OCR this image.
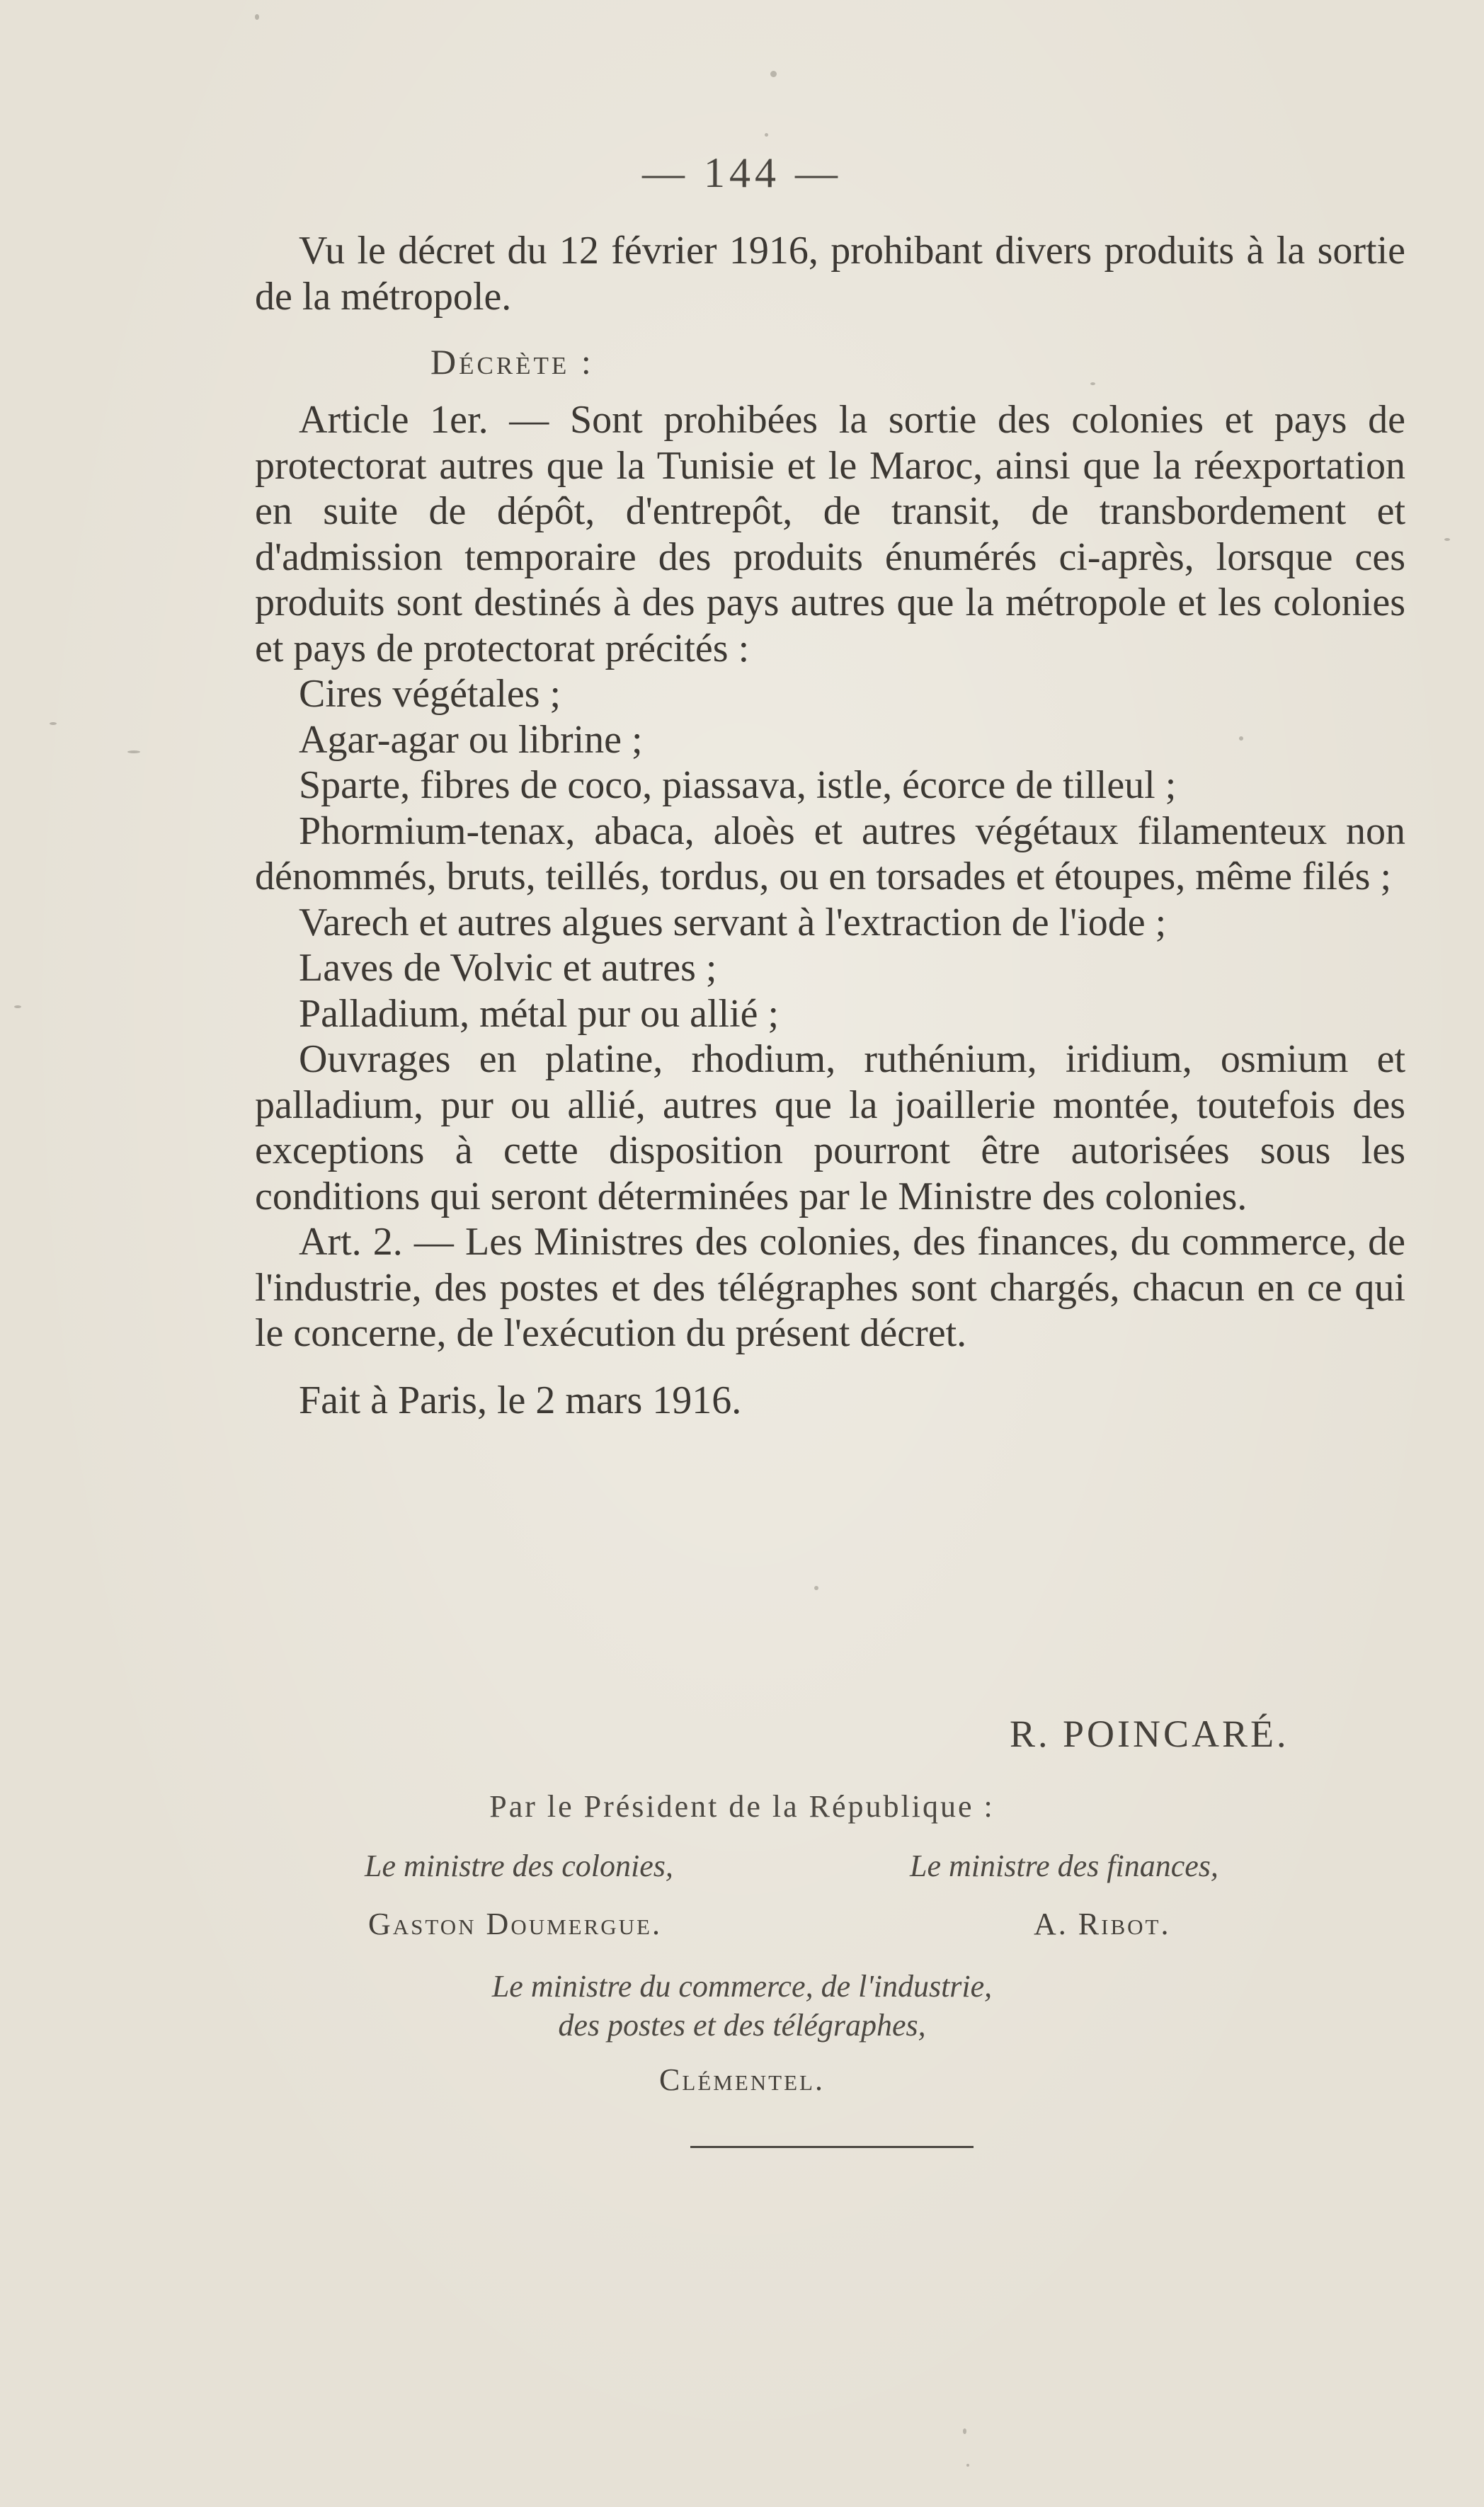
— 144 —

Vu le décret du 12 février 1916, prohibant divers produits à la sortie de la métropole.

Décrète :

Article 1er. — Sont prohibées la sortie des colonies et pays de protectorat autres que la Tunisie et le Maroc, ainsi que la réexportation en suite de dépôt, d'entrepôt, de transit, de transbordement et d'admission temporaire des produits énumérés ci-après, lorsque ces produits sont destinés à des pays autres que la métropole et les colonies et pays de protectorat précités :

Cires végétales ;

Agar-agar ou librine ;

Sparte, fibres de coco, piassava, istle, écorce de tilleul ;

Phormium-tenax, abaca, aloès et autres végétaux filamenteux non dénommés, bruts, teillés, tordus, ou en torsades et étoupes, même filés ;

Varech et autres algues servant à l'extraction de l'iode ;

Laves de Volvic et autres ;

Palladium, métal pur ou allié ;

Ouvrages en platine, rhodium, ruthénium, iridium, osmium et palladium, pur ou allié, autres que la joaillerie montée, toutefois des exceptions à cette disposition pourront être autorisées sous les conditions qui seront déterminées par le Ministre des colonies.

Art. 2. — Les Ministres des colonies, des finances, du commerce, de l'industrie, des postes et des télégraphes sont chargés, chacun en ce qui le concerne, de l'exécution du présent décret.

Fait à Paris, le 2 mars 1916.

R. POINCARÉ.
Par le Président de la République :
Le ministre des colonies,
Gaston Doumergue.
Le ministre des finances,
A. Ribot.
Le ministre du commerce, de l'industrie,
des postes et des télégraphes,
Clémentel.
